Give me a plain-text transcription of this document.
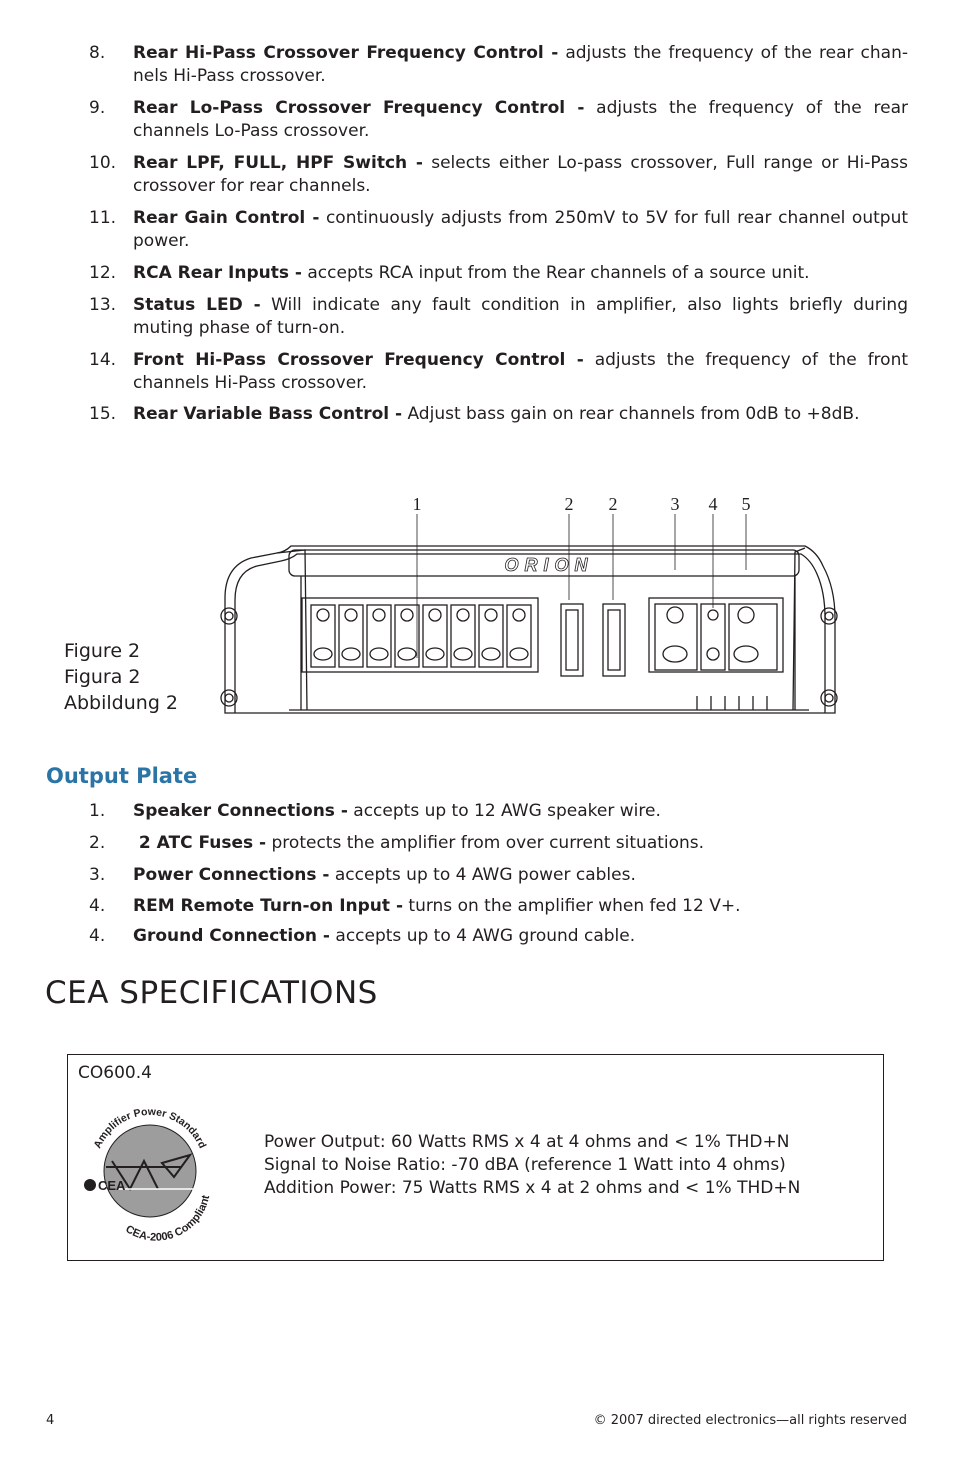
8.	Rear Hi-Pass Crossover Frequency Control - adjusts the frequency of the rear chan-nels Hi-Pass crossover.
9.	Rear Lo-Pass Crossover Frequency Control - adjusts the frequency of the rear channels Lo-Pass crossover.
10. Rear LPF, FULL, HPF Switch - selects either Lo-pass crossover, Full range or Hi-Pass crossover for rear channels.
11. Rear Gain Control - continuously adjusts from 250mV to 5V for full rear channel output power.
12. RCA Rear Inputs - accepts RCA input from the Rear channels of a source unit.
13. Status LED - Will indicate any fault condition in amplifier, also lights briefly during muting phase of turn-on.
14. Front Hi-Pass Crossover Frequency Control - adjusts the frequency of the front channels Hi-Pass crossover.
15. Rear Variable Bass Control - Adjust bass gain on rear channels from 0dB to +8dB.
Figure 2
Figura 2
Abbildung 2
ORION
1	2 2	3 4 5
Output Plate
1.	Speaker Connections - accepts up to 12 AWG speaker wire.
2.	2 ATC Fuses - protects the amplifier from over current situations.
3.	Power Connections - accepts up to 4 AWG power cables.
4.	REM Remote Turn-on Input - turns on the amplifier when fed 12 V+.
4.	Ground Connection - accepts up to 4 AWG ground cable.
CEA SPECIFICATIONS
CO600.4
CEA
Amplifier Power Standard
CEA-2006 Compliant
Power Output: 60 Watts RMS x 4 at 4 ohms and < 1% THD+N
Signal to Noise Ratio: -70 dBA (reference 1 Watt into 4 ohms)
Addition Power: 75 Watts RMS x 4 at 2 ohms and < 1% THD+N
4	© 2007 directed electronics—all rights reserved
